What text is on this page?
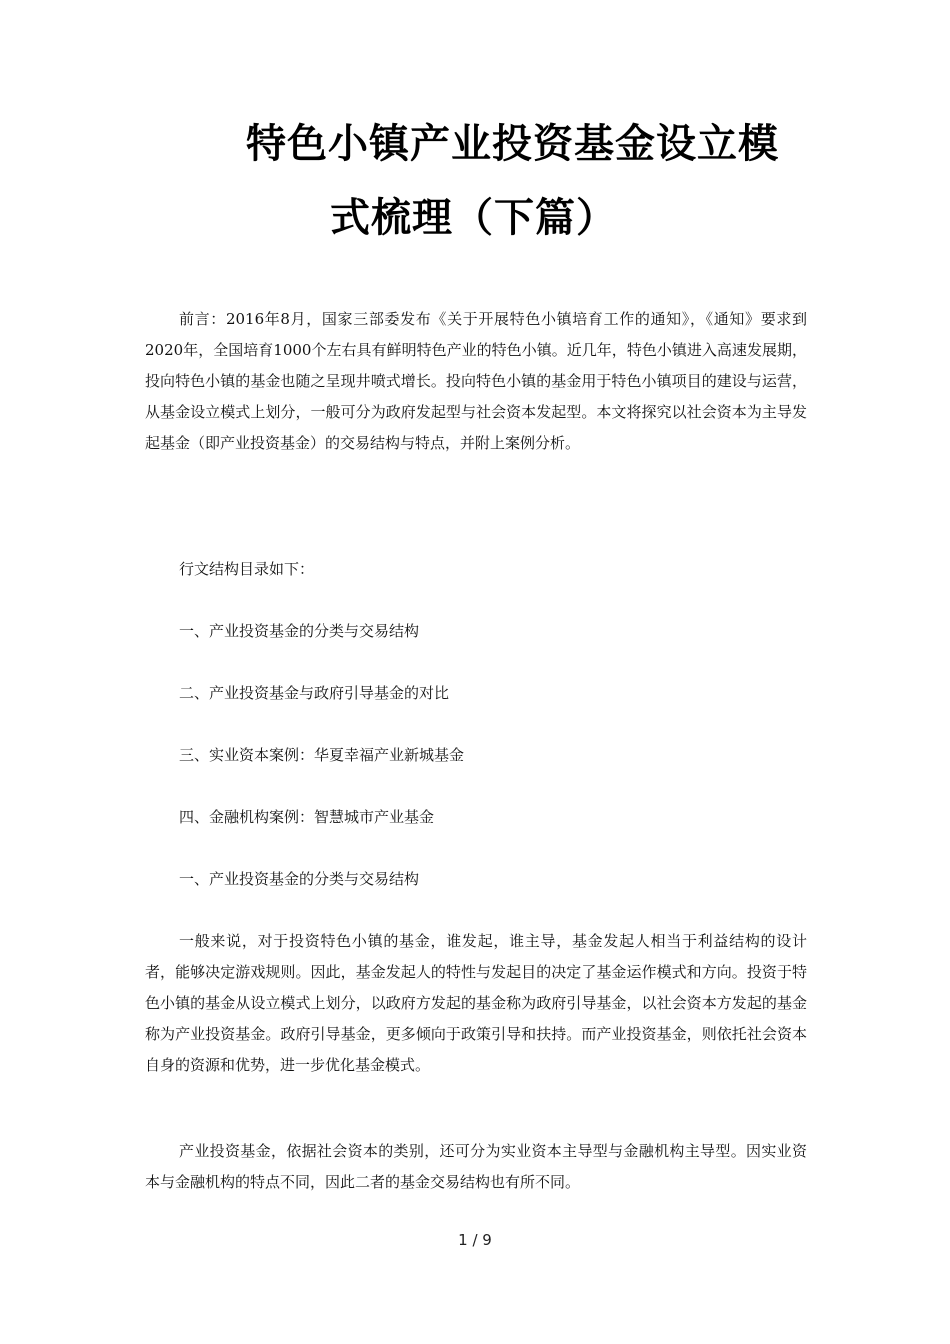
特色小镇产业投资基金设立模
式梳理（下篇）

前言：2016年8月，国家三部委发布《关于开展特色小镇培育工作的通知》，《通知》要求到2020年，全国培育1000个左右具有鲜明特色产业的特色小镇。近几年，特色小镇进入高速发展期，投向特色小镇的基金也随之呈现井喷式增长。投向特色小镇的基金用于特色小镇项目的建设与运营，从基金设立模式上划分，一般可分为政府发起型与社会资本发起型。本文将探究以社会资本为主导发起基金（即产业投资基金）的交易结构与特点，并附上案例分析。

行文结构目录如下：
一、产业投资基金的分类与交易结构
二、产业投资基金与政府引导基金的对比
三、实业资本案例：华夏幸福产业新城基金
四、金融机构案例：智慧城市产业基金
一、产业投资基金的分类与交易结构

一般来说，对于投资特色小镇的基金，谁发起，谁主导，基金发起人相当于利益结构的设计者，能够决定游戏规则。因此，基金发起人的特性与发起目的决定了基金运作模式和方向。投资于特色小镇的基金从设立模式上划分，以政府方发起的基金称为政府引导基金，以社会资本方发起的基金称为产业投资基金。政府引导基金，更多倾向于政策引导和扶持。而产业投资基金，则依托社会资本自身的资源和优势，进一步优化基金模式。

产业投资基金，依据社会资本的类别，还可分为实业资本主导型与金融机构主导型。因实业资本与金融机构的特点不同，因此二者的基金交易结构也有所不同。

1 / 9
